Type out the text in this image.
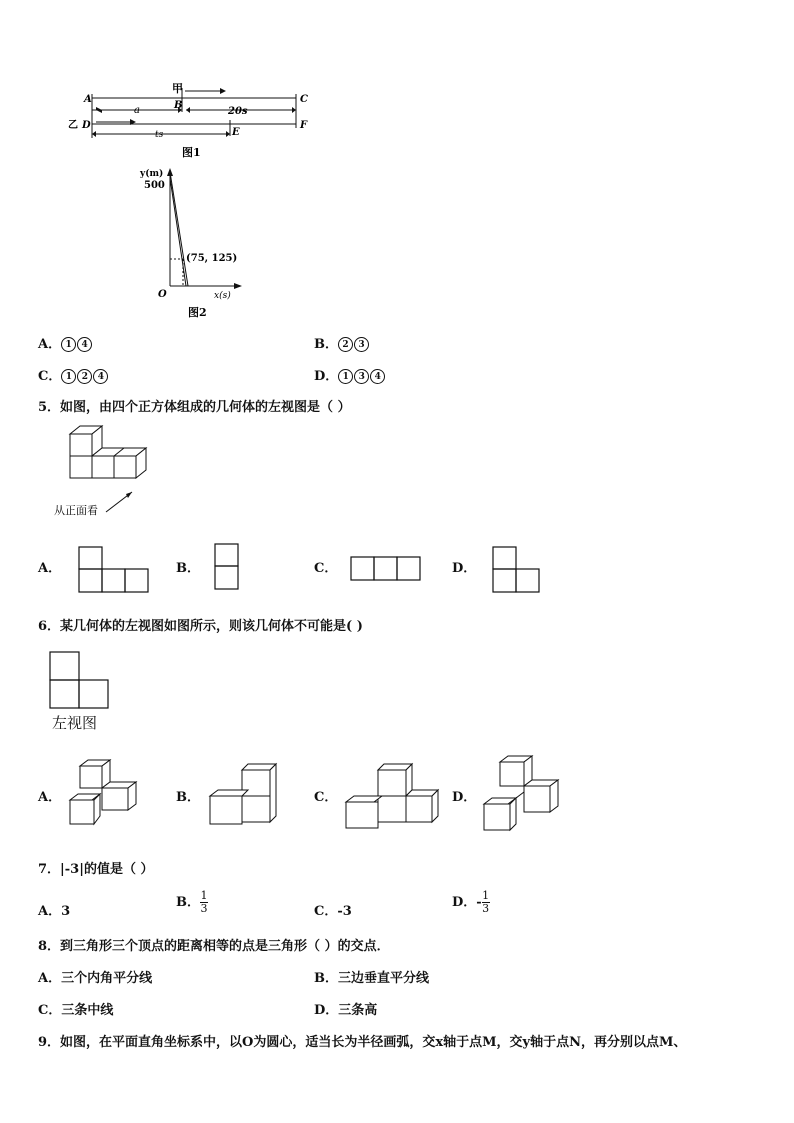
甲
A
B
C
乙 D
E
F
a	20s
ts
图1
y(m)
500
(75, 125)
O	x(s)
图2
A． 1 4	B． 2 3
C． 1 2 4	D． 1 3 4
5．如图，由四个正方体组成的几何体的左视图是（ ）
从正面看
A．	B．	C．	D．
6．某几何体的左视图如图所示，则该几何体不可能是( )
左视图
A．	B．	C．	D．
7．|-3|的值是（ ）
A．3
B． $\frac{1}{3}$	C．-3
D．- $\frac{1}{3}$
8．到三角形三个顶点的距离相等的点是三角形（ ）的交点．
A．三个内角平分线	B．三边垂直平分线
C．三条中线	D．三条高
9．如图，在平面直角坐标系中，以O为圆心，适当长为半径画弧，交x轴于点M，交y轴于点N，再分别以点M、
